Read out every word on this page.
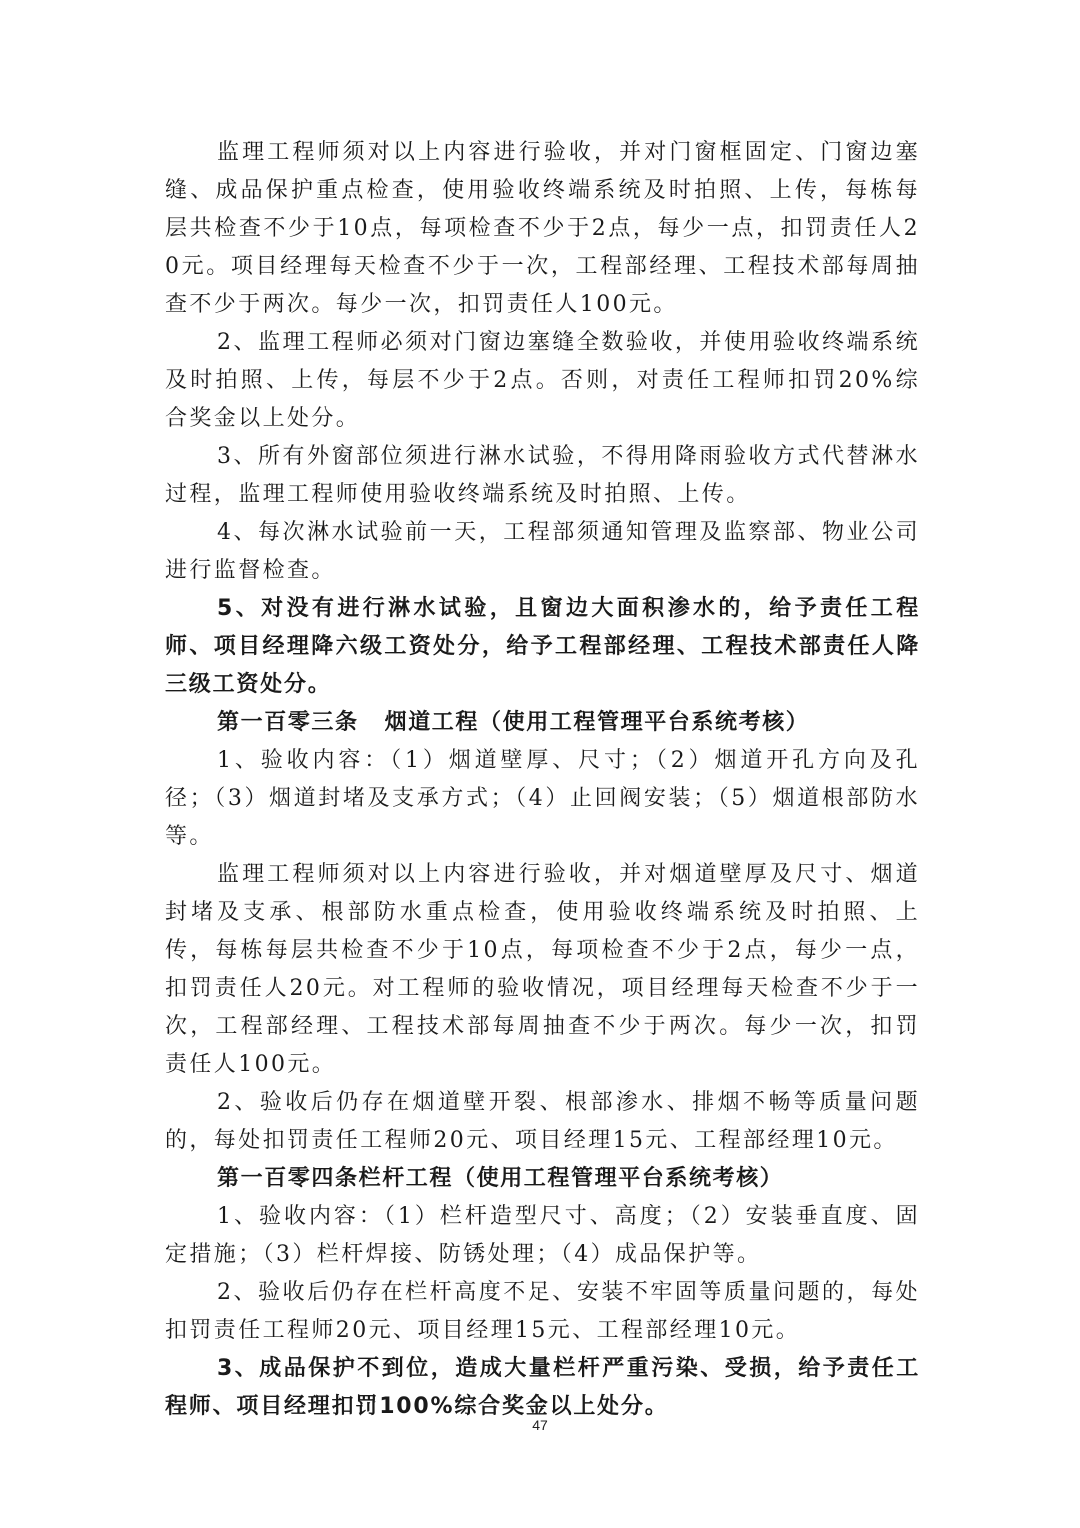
监理工程师须对以上内容进行验收，并对门窗框固定、门窗边塞缝、成品保护重点检查，使用验收终端系统及时拍照、上传，每栋每层共检查不少于10点，每项检查不少于2点，每少一点，扣罚责任人20元。项目经理每天检查不少于一次，工程部经理、工程技术部每周抽查不少于两次。每少一次，扣罚责任人100元。

2、监理工程师必须对门窗边塞缝全数验收，并使用验收终端系统及时拍照、上传，每层不少于2点。否则，对责任工程师扣罚20%综合奖金以上处分。

3、所有外窗部位须进行淋水试验，不得用降雨验收方式代替淋水过程，监理工程师使用验收终端系统及时拍照、上传。

4、每次淋水试验前一天，工程部须通知管理及监察部、物业公司进行监督检查。

5、对没有进行淋水试验，且窗边大面积渗水的，给予责任工程师、项目经理降六级工资处分，给予工程部经理、工程技术部责任人降三级工资处分。

第一百零三条 烟道工程（使用工程管理平台系统考核）

1、验收内容：（1）烟道壁厚、尺寸；（2）烟道开孔方向及孔径；（3）烟道封堵及支承方式；（4）止回阀安装；（5）烟道根部防水等。

监理工程师须对以上内容进行验收，并对烟道壁厚及尺寸、烟道封堵及支承、根部防水重点检查，使用验收终端系统及时拍照、上传，每栋每层共检查不少于10点，每项检查不少于2点，每少一点，扣罚责任人20元。对工程师的验收情况，项目经理每天检查不少于一次，工程部经理、工程技术部每周抽查不少于两次。每少一次，扣罚责任人100元。

2、验收后仍存在烟道壁开裂、根部渗水、排烟不畅等质量问题的，每处扣罚责任工程师20元、项目经理15元、工程部经理10元。

第一百零四条栏杆工程（使用工程管理平台系统考核）

1、验收内容：（1）栏杆造型尺寸、高度；（2）安装垂直度、固定措施；（3）栏杆焊接、防锈处理；（4）成品保护等。

2、验收后仍存在栏杆高度不足、安装不牢固等质量问题的，每处扣罚责任工程师20元、项目经理15元、工程部经理10元。

3、成品保护不到位，造成大量栏杆严重污染、受损，给予责任工程师、项目经理扣罚100%综合奖金以上处分。

47
